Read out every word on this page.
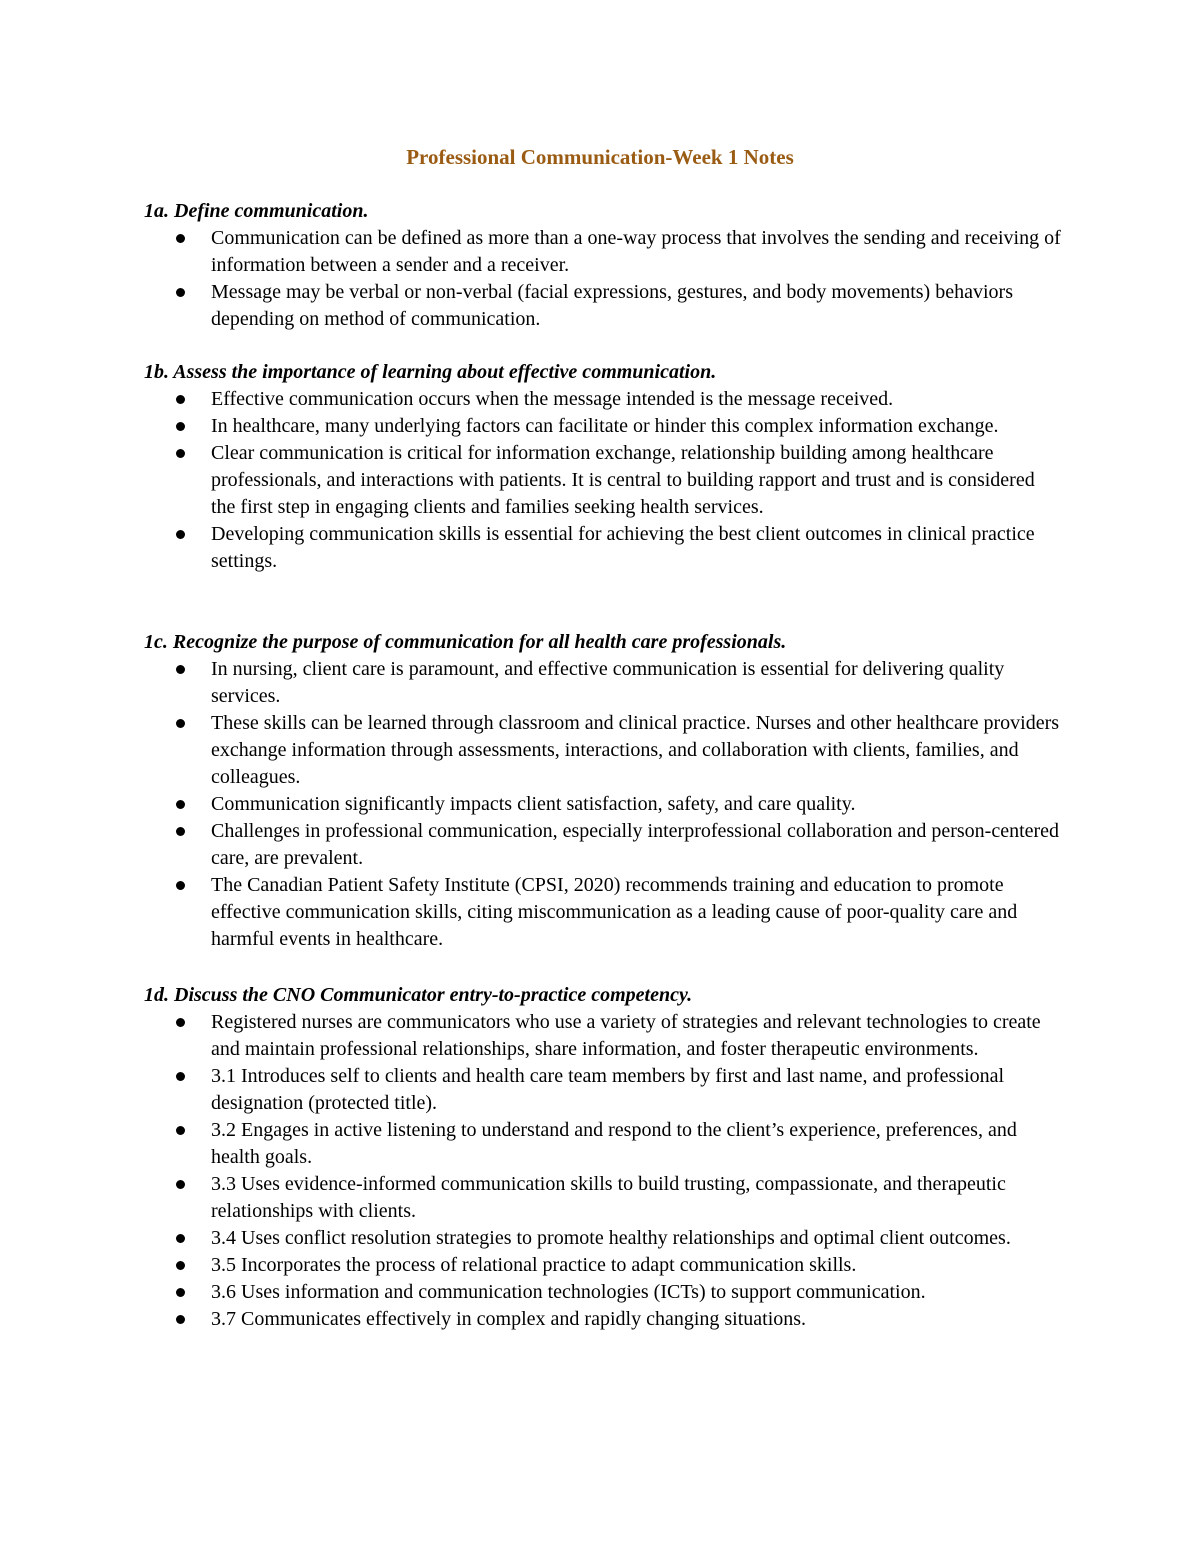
Professional Communication-Week 1 Notes

1a. Define communication.

Communication can be defined as more than a one-way process that involves the sending and receiving of information between a sender and a receiver.
Message may be verbal or non-verbal (facial expressions, gestures, and body movements) behaviors depending on method of communication.

1b. Assess the importance of learning about effective communication.

Effective communication occurs when the message intended is the message received.
In healthcare, many underlying factors can facilitate or hinder this complex information exchange.
Clear communication is critical for information exchange, relationship building among healthcare professionals, and interactions with patients. It is central to building rapport and trust and is considered the first step in engaging clients and families seeking health services.
Developing communication skills is essential for achieving the best client outcomes in clinical practice settings.

1c. Recognize the purpose of communication for all health care professionals.

In nursing, client care is paramount, and effective communication is essential for delivering quality services.
These skills can be learned through classroom and clinical practice. Nurses and other healthcare providers exchange information through assessments, interactions, and collaboration with clients, families, and colleagues.
Communication significantly impacts client satisfaction, safety, and care quality.
Challenges in professional communication, especially interprofessional collaboration and person-centered care, are prevalent.
The Canadian Patient Safety Institute (CPSI, 2020) recommends training and education to promote effective communication skills, citing miscommunication as a leading cause of poor-quality care and harmful events in healthcare.

1d. Discuss the CNO Communicator entry-to-practice competency.

Registered nurses are communicators who use a variety of strategies and relevant technologies to create and maintain professional relationships, share information, and foster therapeutic environments.
3.1 Introduces self to clients and health care team members by first and last name, and professional designation (protected title).
3.2 Engages in active listening to understand and respond to the client’s experience, preferences, and health goals.
3.3 Uses evidence-informed communication skills to build trusting, compassionate, and therapeutic relationships with clients.
3.4 Uses conflict resolution strategies to promote healthy relationships and optimal client outcomes.
3.5 Incorporates the process of relational practice to adapt communication skills.
3.6 Uses information and communication technologies (ICTs) to support communication.
3.7 Communicates effectively in complex and rapidly changing situations.
